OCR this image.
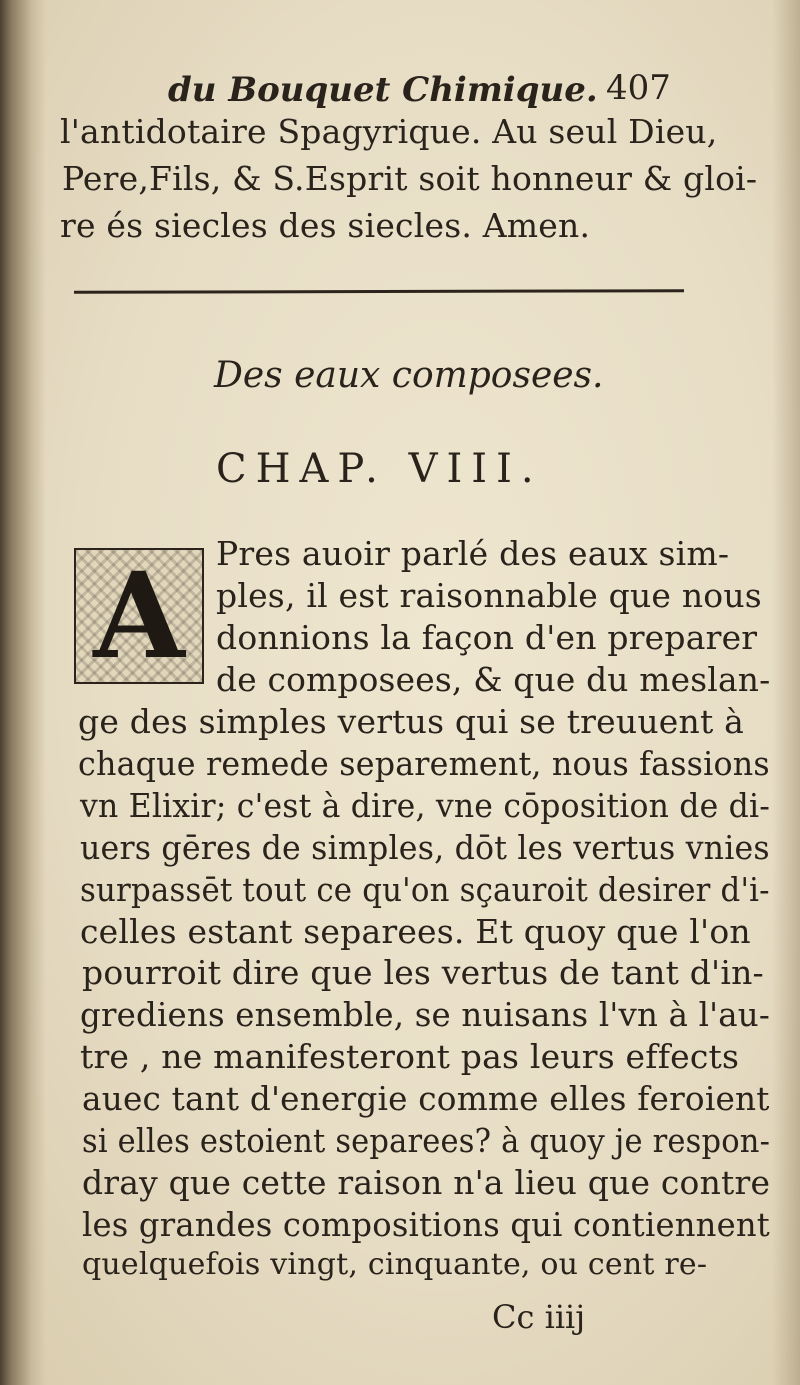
du Bouquet Chimique. 407
l'antidotaire Spagyrique. Au seul Dieu,
Pere,Fils, & S.Esprit soit honneur & gloi-
re és siecles des siecles. Amen.
Des eaux composees.
CHAP. VIII.
A Pres auoir parlé des eaux sim-
ples, il est raisonnable que nous
donnions la façon d'en preparer
de composees, & que du meslan-
ge des simples vertus qui se treuuent à
chaque remede separement, nous fassions
vn Elixir; c'est à dire, vne cōposition de di-
uers gēres de simples, dōt les vertus vnies
surpassēt tout ce qu'on sçauroit desirer d'i-
celles estant separees. Et quoy que l'on
pourroit dire que les vertus de tant d'in-
grediens ensemble, se nuisans l'vn à l'au-
tre , ne manifesteront pas leurs effects
auec tant d'energie comme elles feroient
si elles estoient separees? à quoy je respon-
dray que cette raison n'a lieu que contre
les grandes compositions qui contiennent
quelquefois vingt, cinquante, ou cent re-
Cc iiij
